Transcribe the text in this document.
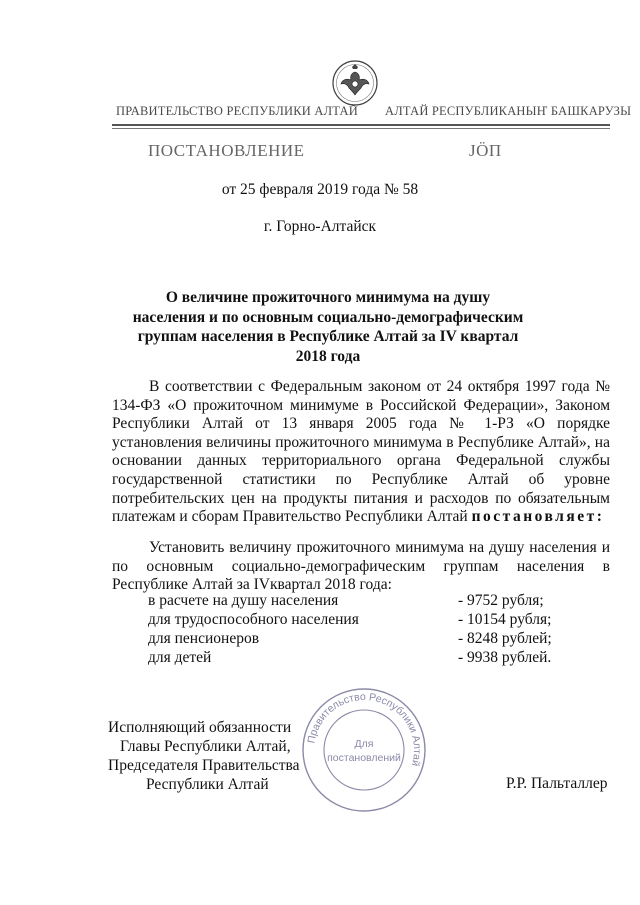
ПРАВИТЕЛЬСТВО РЕСПУБЛИКИ АЛТАЙ АЛТАЙ РЕСПУБЛИКАНЫҤ БАШКАРУЗЫ
ПОСТАНОВЛЕНИЕ	ЈӦП
от 25 февраля 2019 года № 58
г. Горно-Алтайск
О величине прожиточного минимума на душу населения и по основным социально-демографическим группам населения в Республике Алтай за IV квартал 2018 года

В соответствии с Федеральным законом от 24 октября 1997 года № 134-ФЗ «О прожиточном минимуме в Российской Федерации», Законом Республики Алтай от 13 января 2005 года № 1-РЗ «О порядке установления величины прожиточного минимума в Республике Алтай», на основании данных территориального органа Федеральной службы государственной статистики по Республике Алтай об уровне потребительских цен на продукты питания и расходов по обязательным платежам и сборам Правительство Республики Алтай постановляет:

Установить величину прожиточного минимума на душу населения и по основным социально-демографическим группам населения в Республике Алтай за IVквартал 2018 года:

в расчете на душу населения	- 9752 рубля;
для трудоспособного населения	- 10154 рубля;
для пенсионеров	- 8248 рублей;
для детей	- 9938 рублей.
Правительство Республики Алтай
Для
постановлений
Исполняющий обязанности
Главы Республики Алтай,
Председателя Правительства
Республики Алтай	Р.Р. Пальталлер
